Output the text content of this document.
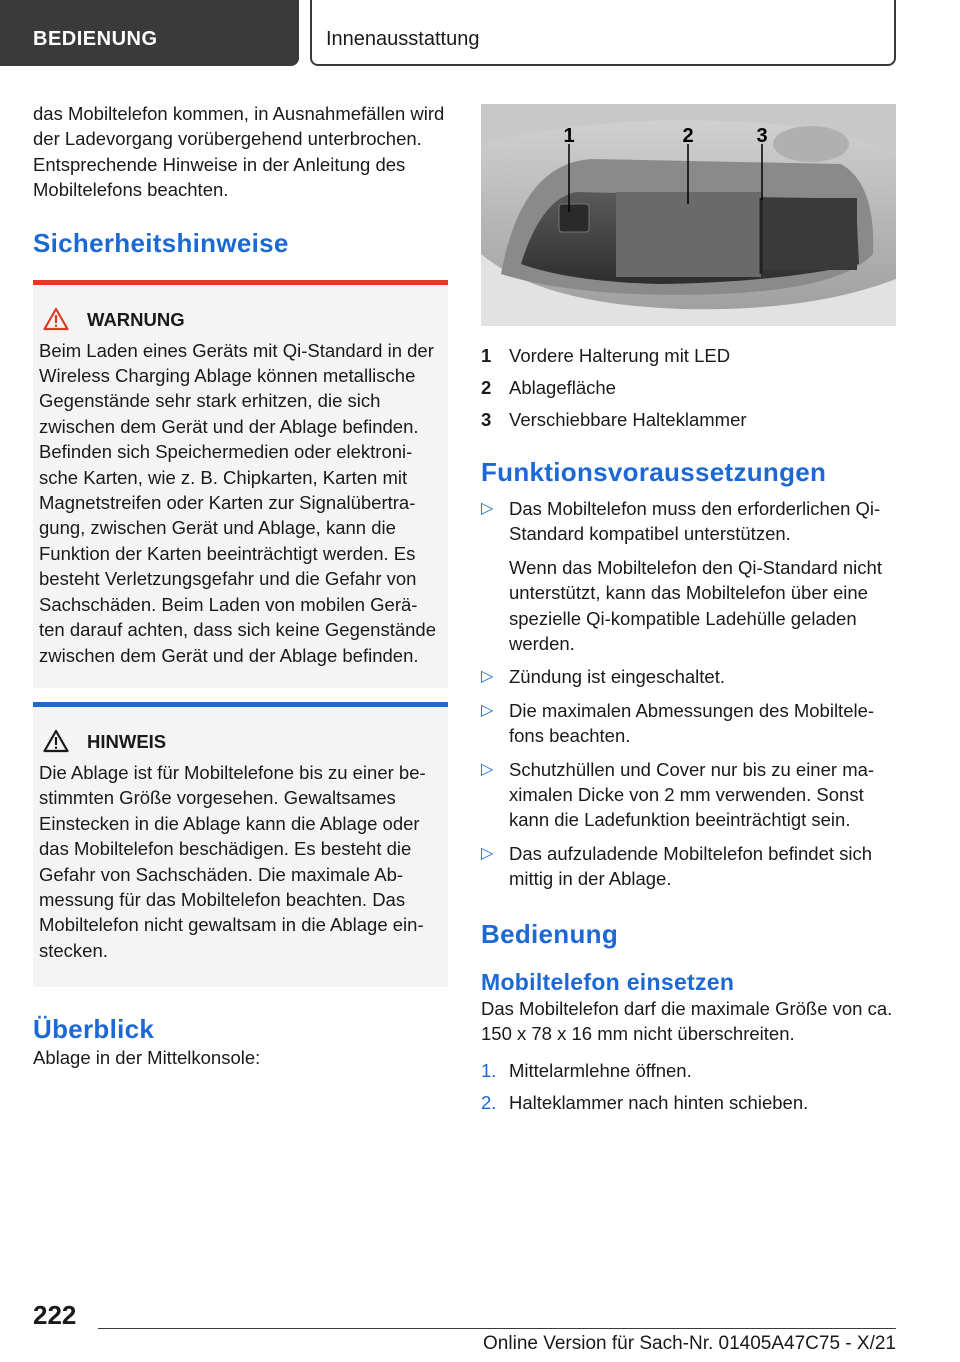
BEDIENUNG	Innenausstattung

das Mobiltelefon kommen, in Ausnahmefällen wird der Ladevorgang vorübergehend unterbrochen. Entsprechende Hinweise in der Anleitung des Mobiltelefons beachten.

Sicherheitshinweise
WARNUNG

Beim Laden eines Geräts mit Qi-Standard in der Wireless Charging Ablage können metallische Gegenstände sehr stark erhitzen, die sich zwischen dem Gerät und der Ablage befinden. Befinden sich Speichermedien oder elektronische Karten, wie z. B. Chipkarten, Karten mit Magnetstreifen oder Karten zur Signalübertragung, zwischen Gerät und Ablage, kann die Funktion der Karten beeinträchtigt werden. Es besteht Verletzungsgefahr und die Gefahr von Sachschäden. Beim Laden von mobilen Geräten darauf achten, dass sich keine Gegenstände zwischen dem Gerät und der Ablage befinden.

HINWEIS

Die Ablage ist für Mobiltelefone bis zu einer bestimmten Größe vorgesehen. Gewaltsames Einstecken in die Ablage kann die Ablage oder das Mobiltelefon beschädigen. Es besteht die Gefahr von Sachschäden. Die maximale Abmessung für das Mobiltelefon beachten. Das Mobiltelefon nicht gewaltsam in die Ablage einstecken.

Überblick

Ablage in der Mittelkonsole:

1	2	3
1 Vordere Halterung mit LED
2 Ablagefläche
3 Verschiebbare Halteklammer
Funktionsvoraussetzungen
▷ Das Mobiltelefon muss den erforderlichen Qi-Standard kompatibel unterstützen.

Wenn das Mobiltelefon den Qi-Standard nicht unterstützt, kann das Mobiltelefon über eine spezielle Qi-kompatible Ladehülle geladen werden.

▷ Zündung ist eingeschaltet.

▷ Die maximalen Abmessungen des Mobiltelefons beachten.

▷ Schutzhüllen und Cover nur bis zu einer maximalen Dicke von 2 mm verwenden. Sonst kann die Ladefunktion beeinträchtigt sein.

▷ Das aufzuladende Mobiltelefon befindet sich mittig in der Ablage.

Bedienung
Mobiltelefon einsetzen

Das Mobiltelefon darf die maximale Größe von ca. 150 x 78 x 16 mm nicht überschreiten.

1. Mittelarmlehne öffnen.
2. Halteklammer nach hinten schieben.
222
Online Version für Sach-Nr. 01405A47C75 - X/21
